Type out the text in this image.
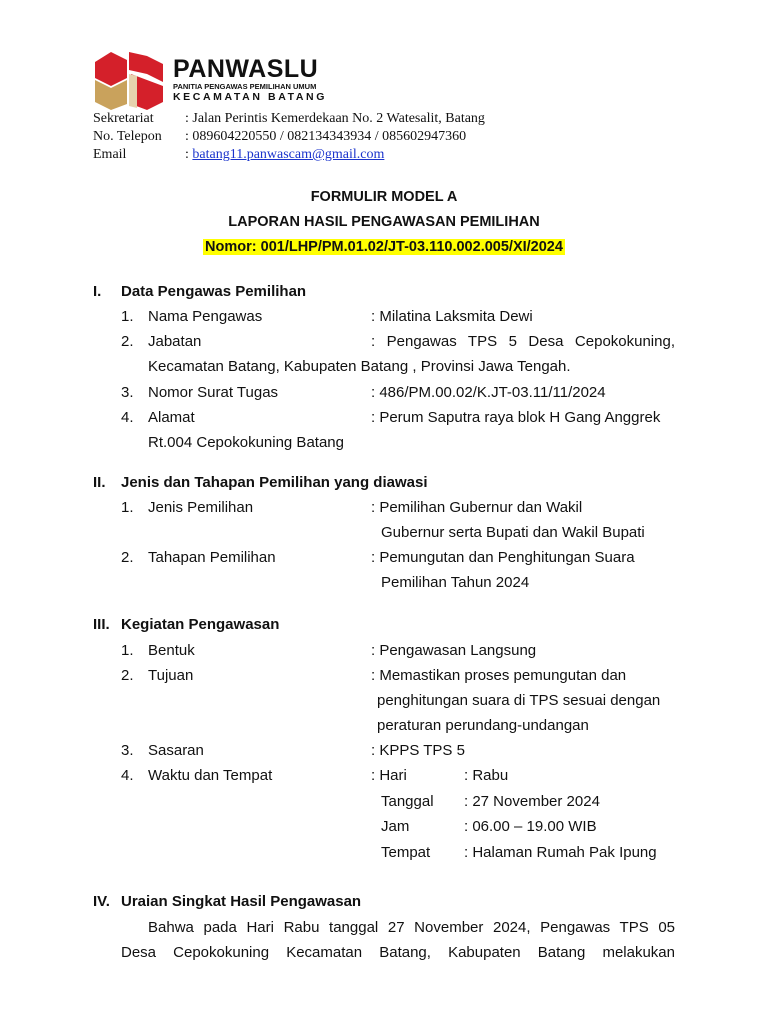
PANWASLU
PANITIA PENGAWAS PEMILIHAN UMUM
KECAMATAN BATANG
Sekretariat : Jalan Perintis Kemerdekaan No. 2 Watesalit, Batang
No. Telepon : 089604220550 / 082134343934 / 085602947360
Email	: batang11.panwascam@gmail.com
FORMULIR MODEL A
LAPORAN HASIL PENGAWASAN PEMILIHAN
Nomor: 001/LHP/PM.01.02/JT-03.110.002.005/XI/2024
I. Data Pengawas Pemilihan
1. Nama Pengawas	: Milatina Laksmita Dewi
2. Jabatan	: Pengawas TPS 5 Desa Cepokokuning,
Kecamatan Batang, Kabupaten Batang , Provinsi Jawa Tengah.
3. Nomor Surat Tugas	: 486/PM.00.02/K.JT-03.11/11/2024
4. Alamat	: Perum Saputra raya blok H Gang Anggrek
Rt.004 Cepokokuning Batang
II. Jenis dan Tahapan Pemilihan yang diawasi
1. Jenis Pemilihan	: Pemilihan Gubernur dan Wakil
Gubernur serta Bupati dan Wakil Bupati
2. Tahapan Pemilihan	: Pemungutan dan Penghitungan Suara
Pemilihan Tahun 2024
III. Kegiatan Pengawasan
1. Bentuk	: Pengawasan Langsung
2. Tujuan	: Memastikan proses pemungutan dan
penghitungan suara di TPS sesuai dengan
peraturan perundang-undangan
3. Sasaran	: KPPS TPS 5
4. Waktu dan Tempat	: Hari	: Rabu
Tanggal : 27 November 2024
Jam	: 06.00 – 19.00 WIB
Tempat : Halaman Rumah Pak Ipung
IV. Uraian Singkat Hasil Pengawasan
Bahwa pada Hari Rabu tanggal 27 November 2024, Pengawas TPS 05
Desa Cepokokuning Kecamatan Batang, Kabupaten Batang melakukan
